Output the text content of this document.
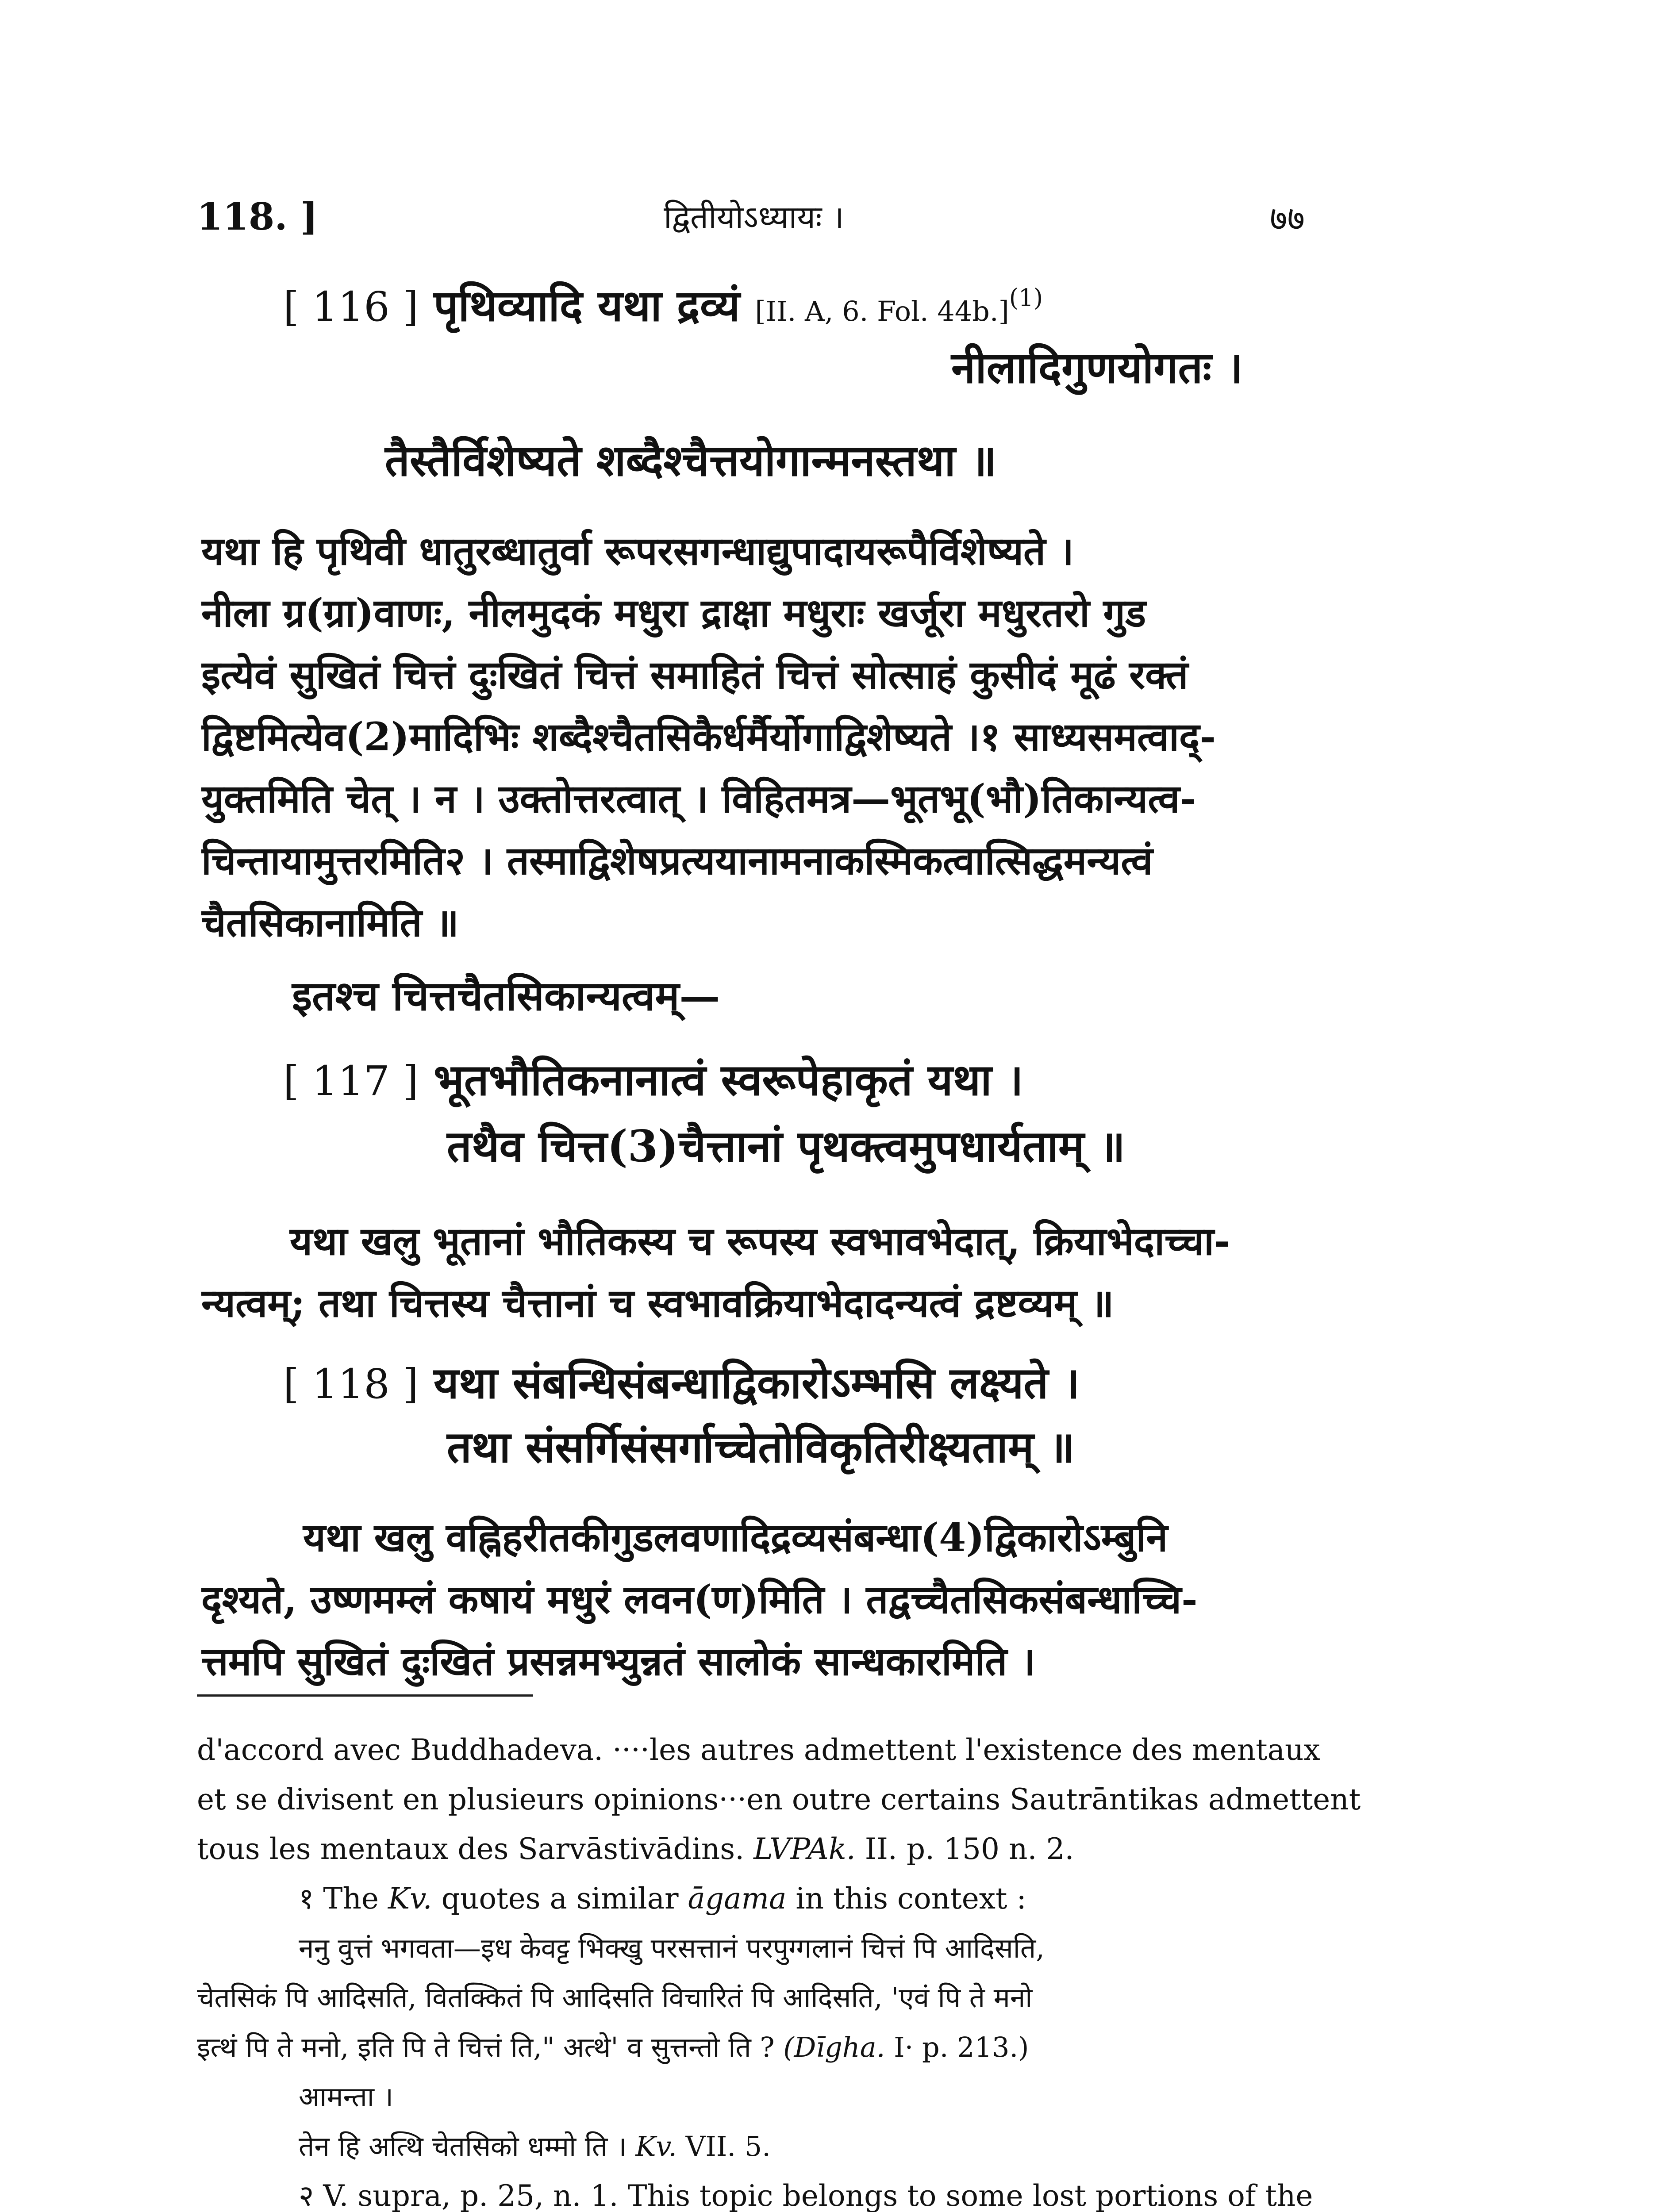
118. ]	द्वितीयोऽध्यायः ।	७७
[ 116 ] पृथिव्यादि यथा द्रव्यं [II. A, 6. Fol. 44b.]$^{(1)}$
नीलादिगुणयोगतः ।
तैस्तैर्विशेष्यते शब्दैश्चैत्तयोगान्मनस्तथा ॥
यथा हि पृथिवी धातुरब्धातुर्वा रूपरसगन्धाद्युपादायरूपैर्विशेष्यते ।
नीला ग्र(ग्रा)वाणः, नीलमुदकं मधुरा द्राक्षा मधुराः खर्जूरा मधुरतरो गुड
इत्येवं सुखितं चित्तं दुःखितं चित्तं समाहितं चित्तं सोत्साहं कुसीदं मूढं रक्तं
द्विष्टमित्येव(2)मादिभिः शब्दैश्चैतसिकैर्धर्मैर्योगाद्विशेष्यते ।१ साध्यसमत्वाद्-
युक्तमिति चेत् । न । उक्तोत्तरत्वात् । विहितमत्र—भूतभू(भौ)तिकान्यत्व-
चिन्तायामुत्तरमिति२ । तस्माद्विशेषप्रत्ययानामनाकस्मिकत्वात्सिद्धमन्यत्वं
चैतसिकानामिति ॥
इतश्च चित्तचैतसिकान्यत्वम्—
[ 117 ] भूतभौतिकनानात्वं स्वरूपेहाकृतं यथा ।
तथैव चित्त(3)चैत्तानां पृथक्त्वमुपधार्यताम् ॥
यथा खलु भूतानां भौतिकस्य च रूपस्य स्वभावभेदात्, क्रियाभेदाच्चा-
न्यत्वम्; तथा चित्तस्य चैत्तानां च स्वभावक्रियाभेदादन्यत्वं द्रष्टव्यम् ॥
[ 118 ] यथा संबन्धिसंबन्धाद्विकारोऽम्भसि लक्ष्यते ।
तथा संसर्गिसंसर्गाच्चेतोविकृतिरीक्ष्यताम् ॥
यथा खलु वह्निहरीतकीगुडलवणादिद्रव्यसंबन्धा(4)द्विकारोऽम्बुनि
दृश्यते, उष्णमम्लं कषायं मधुरं लवन(ण)मिति । तद्वच्चैतसिकसंबन्धाच्चि-
त्तमपि सुखितं दुःखितं प्रसन्नमभ्युन्नतं सालोकं सान्धकारमिति ।
d'accord avec Buddhadeva. ····les autres admettent l'existence des mentaux
et se divisent en plusieurs opinions···en outre certains Sautrāntikas admettent
tous les mentaux des Sarvāstivādins. LVPAk. II. p. 150 n. 2.
१ The Kv. quotes a similar āgama in this context :
ननु वुत्तं भगवता—इध केवट्ट भिक्खु परसत्तानं परपुग्गलानं चित्तं पि आदिसति,
चेतसिकं पि आदिसति, वितक्कितं पि आदिसति विचारितं पि आदिसति, 'एवं पि ते मनो
इत्थं पि ते मनो, इति पि ते चित्तं ति," अत्थे' व सुत्तन्तो ति ? (Dīgha. I· p. 213.)
आमन्ता ।
तेन हि अत्थि चेतसिको धम्मो ति । Kv. VII. 5.
२ V. supra, p. 25, n. 1. This topic belongs to some lost portions of the
